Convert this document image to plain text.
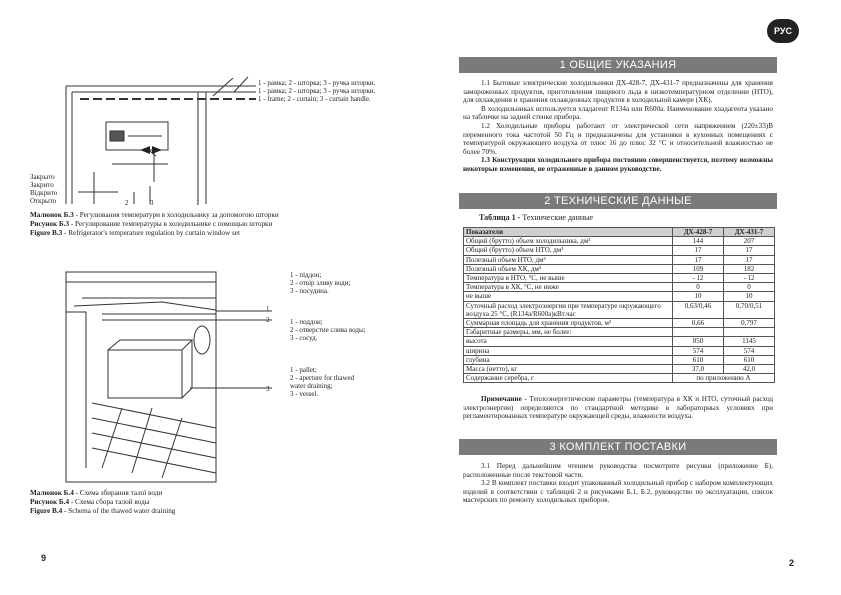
РУС
1 - рамка; 2 - шторка; 3 - ручка шторки.
1 - рамка; 2 - шторка; 3 - ручка шторки.
1 - frame; 2 - curtain; 3 - curtain handle.
Закрыто
Закрито
Відкрито
Открыто	2	3	1
Малюнок Б.3 - Регулювання температури в холодильнику за допомогою шторки
Рисунок Б.3 - Регулирование температуры в холодильнике с помощью шторки
Figure B.3 - Refrigerator's temperature regulation by curtain window set
1
2
3
1 - піддон;
2 - отвір зливу води;
3 - посудина.
1 - поддон;
2 - отверстие слива воды;
3 - сосуд.
1 - pallet;
2 - aperture for thawed
water draining;
3 - vessel.
Малюнок Б.4 - Схема збирання талої води
Рисунок Б.4 - Схема сбора талой воды
Figure B.4 - Schema of the thawed water draining
9
1 ОБЩИЕ УКАЗАНИЯ

1.1 Бытовые электрические холодильники ДХ-428-7, ДХ-431-7 предназначены для хранения замороженных продуктов, приготовления пищевого льда в низкотемпературном отделении (НТО), для охлаждения и хранения охлажденных продуктов в холодильной камере (ХК).

В холодильниках используется хладагент R134a или R600a. Наименование хладагента указано на табличке на задней стенке прибора.

1.2 Холодильные приборы работают от электрической сети напряжением (220±33)В переменного тока частотой 50 Гц и предназначены для установки в кухонных помещениях с температурой окружающего воздуха от плюс 16 до плюс 32 °С и относительной влажностью не более 70%.

1.3 Конструкция холодильного прибора постоянно совершенствуется, поэтому возможны некоторые изменения, не отраженные в данном руководстве.

2 ТЕХНИЧЕСКИЕ ДАННЫЕ
Таблица 1 - Технические данные
Показатели	ДХ-428-7	ДХ-431-7
Общий (брутто) объем холодильника, дм³	144	207
Общий (брутто) объем НТО, дм³	17	17
Полезный объем НТО, дм³	17	17
Полезный объем ХК, дм³	109	182
Температура в НТО, °С, не выше	- 12	- 12
Температура в ХК, °С, не ниже	0	0
не выше	10	10
Суточный расход электроэнергии при температуре окружающего воздуха 25 °С, (R134a/R600a)кВт.час	0,63/0,46	0,70/0,51
Суммарная площадь для хранения продуктов, м²	0,66	0,797
Габаритные размеры, мм, не более:		
высота	850	1145
ширина	574	574
глубина	610	610
Масса (нетто), кг	37,0	42,0
Содержание серебра, г	по приложению А	

Примечание - Теплоэнергетические параметры (температура в ХК и НТО, суточный расход электроэнергии) определяются по стандартной методике в лабораторных условиях при регламентированных температуре окружающей среды, влажности воздуха.

3 КОМПЛЕКТ ПОСТАВКИ

3.1 Перед дальнейшим чтением руководства посмотрите рисунки (приложение Б), расположенные после текстовой части.

3.2 В комплект поставки входит упакованный холодильный прибор с набором комплектующих изделий в соответствии с таблицей 2 и рисунками Б.1, Б.2, руководство по эксплуатации, список мастерских по ремонту холодильных приборов.

2
